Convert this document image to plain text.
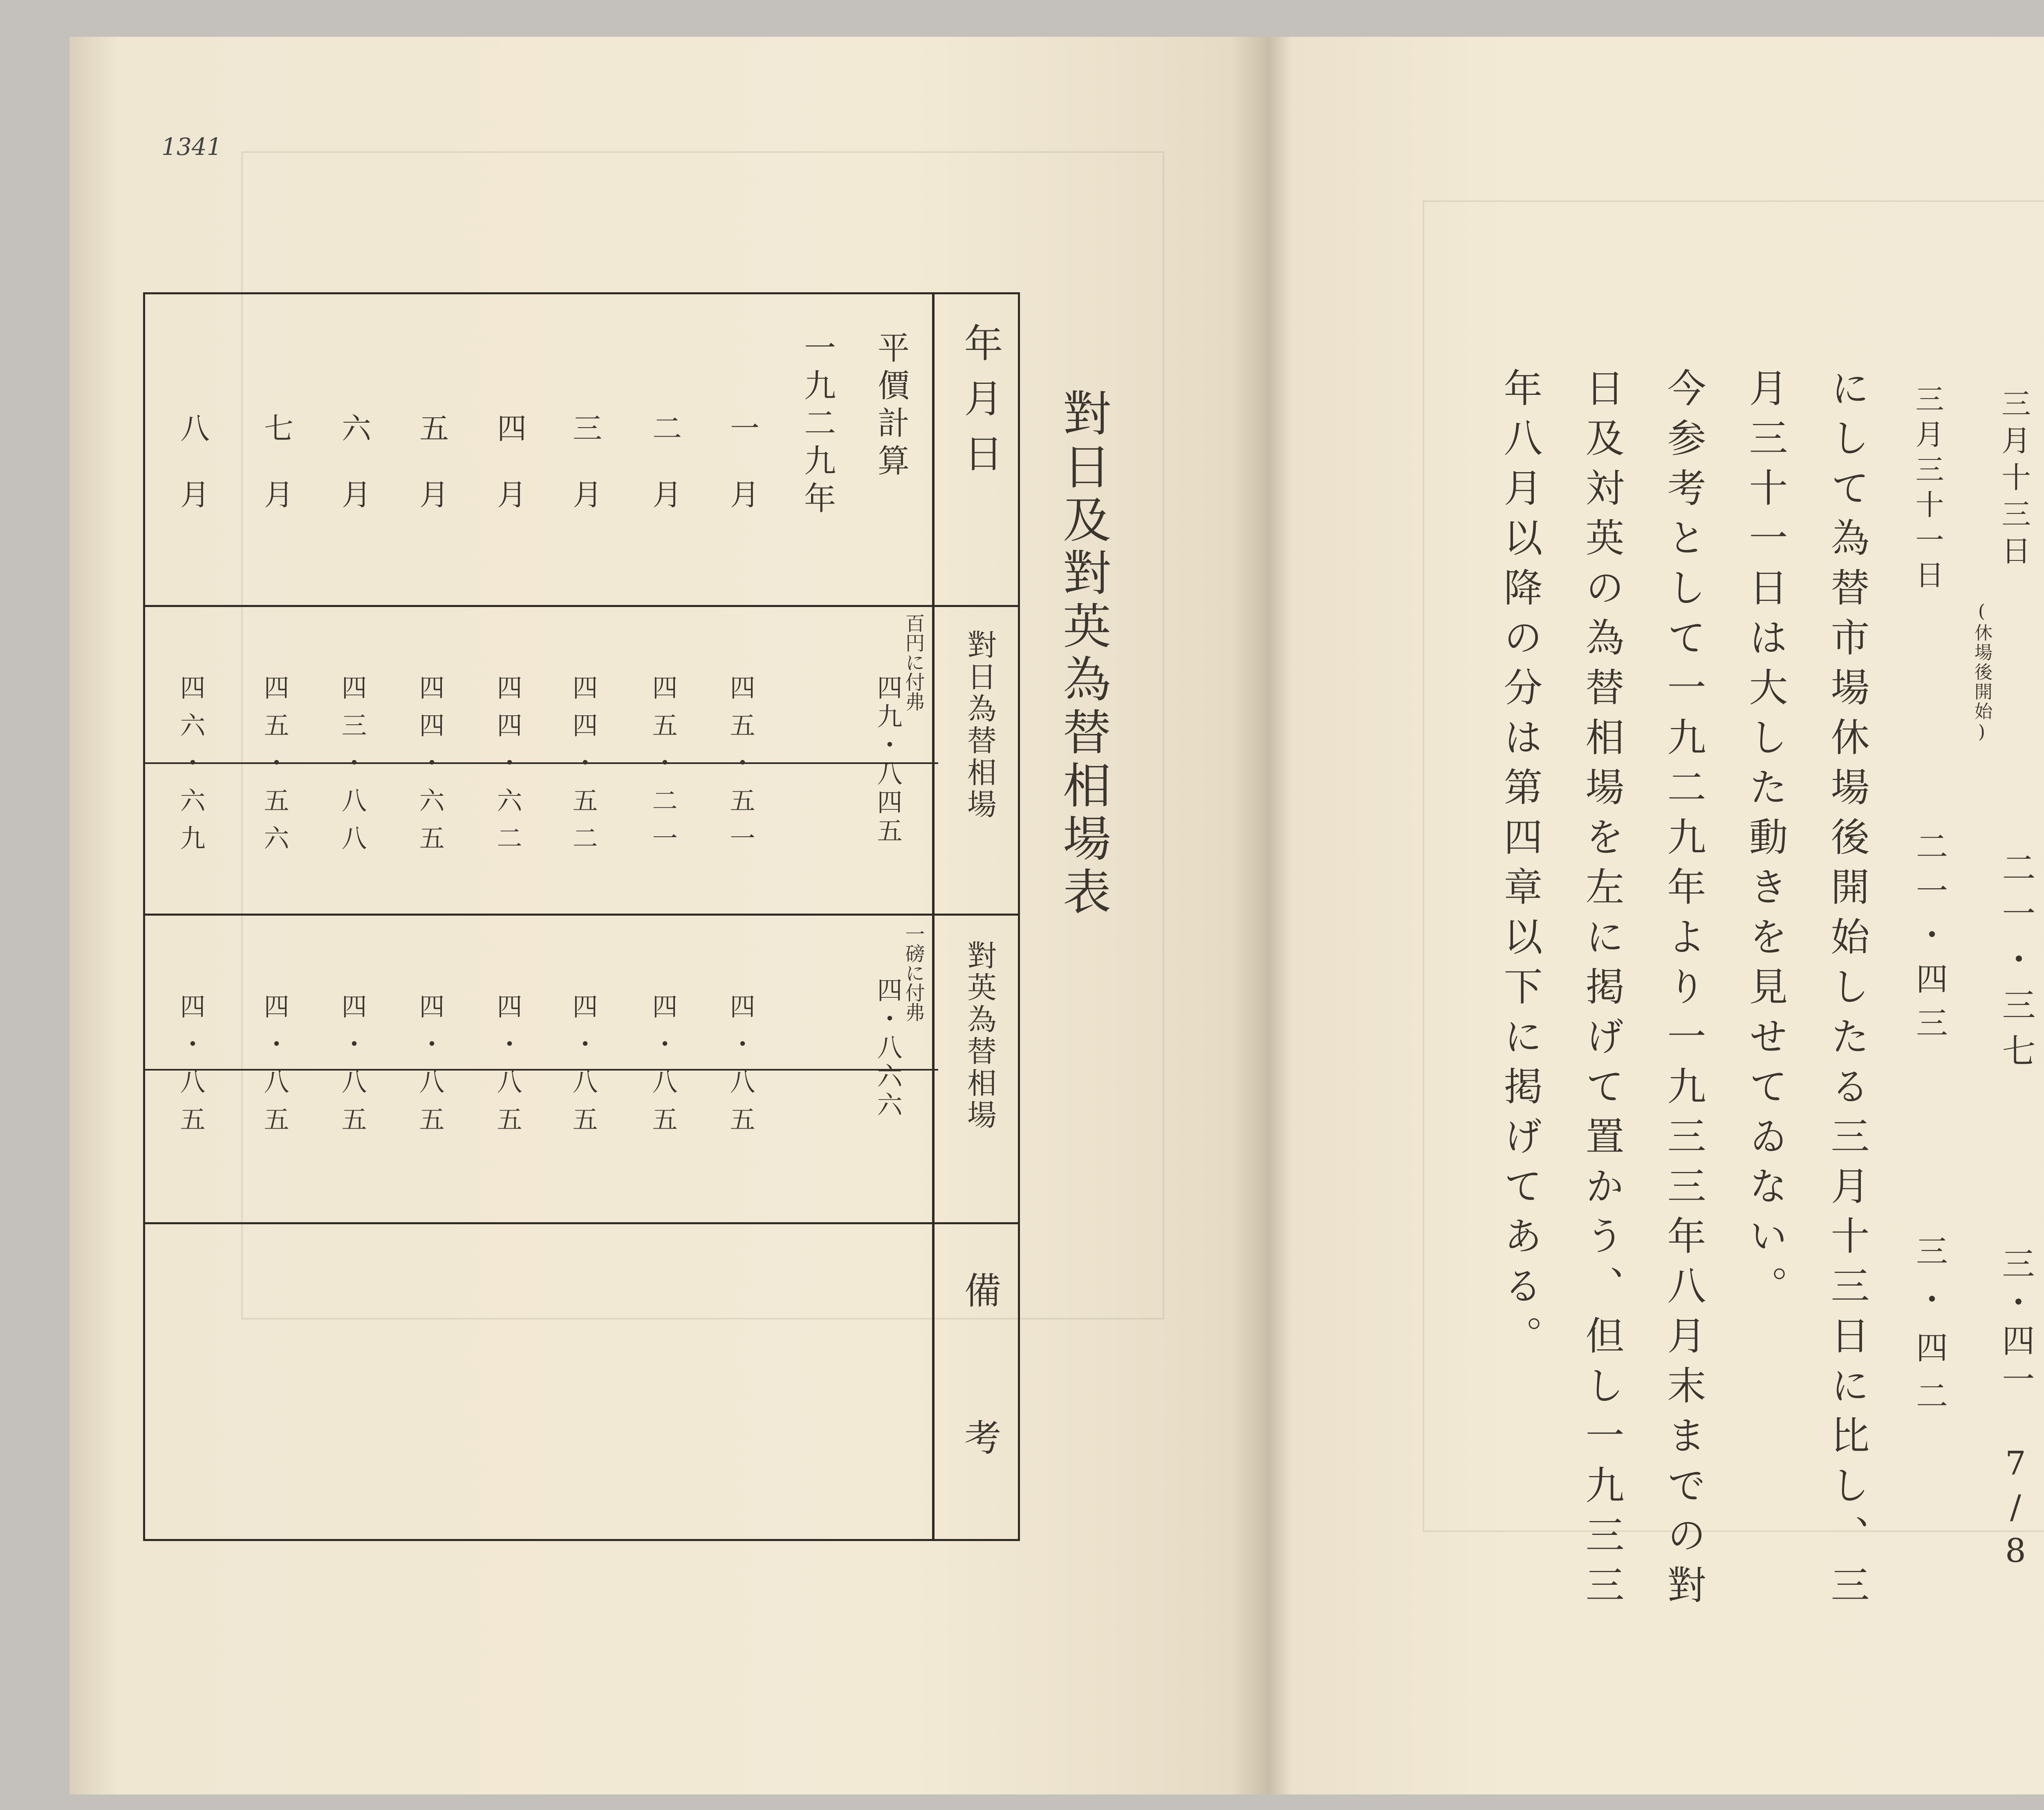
1341
對日及對英為替相場表
年月日
對日為替相場
對英為替相場
備考
百円に付弗
一磅に付弗
平價計算
四九・八四五
四・八六六
一九二九年
一月
四五・五一
四・八五
二月
四五・二一
四・八五
三月
四四・五二
四・八五
四月
四四・六二
四・八五
五月
四四・六五
四・八五
六月
四三・八八
四・八五
七月
四五・五六
四・八五
八月
四六・六九
四・八五
三月十三日
(休場後開始)
二一・三七
三・四一 7/8
三月三十一日
二一・四三
三・四二
にして為替市場休場後開始したる三月十三日に比し、三
月三十一日は大した動きを見せてゐない。
今参考として一九二九年より一九三三年八月末までの對
日及対英の為替相場を左に掲げて置かう、但し一九三三
年八月以降の分は第四章以下に掲げてある。
